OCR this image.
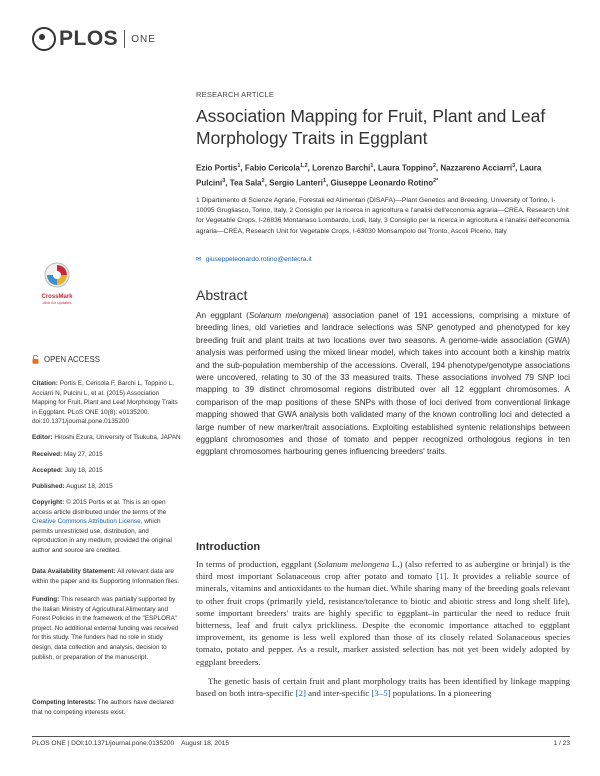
PLOS ONE
RESEARCH ARTICLE
Association Mapping for Fruit, Plant and Leaf Morphology Traits in Eggplant
Ezio Portis$^1$, Fabio Cericola$^{1,2}$, Lorenzo Barchi$^1$, Laura Toppino$^2$, Nazzareno Acciarri$^3$, Laura Pulcini$^3$, Tea Sala$^2$, Sergio Lanteri$^1$, Giuseppe Leonardo Rotino$^{2*}$
1 Dipartimento di Scienze Agrarie, Forestali ed Alimentari (DISAFA)—Plant Genetics and Breeding, University of Torino, I-10095 Grugliasco, Torino, Italy, 2 Consiglio per la ricerca in agricoltura e l'analisi dell'economia agraria—CREA, Research Unit for Vegetable Crops, I-26836 Montanaso Lombardo, Lodi, Italy, 3 Consiglio per la ricerca in agricoltura e l'analisi dell'economia agraria—CREA, Research Unit for Vegetable Crops, I-63030 Monsampolo del Tronto, Ascoli Piceno, Italy
✉ giuseppeleonardo.rotino@entecra.it
Abstract
An eggplant (Solanum melongena) association panel of 191 accessions, comprising a mixture of breeding lines, old varieties and landrace selections was SNP genotyped and phenotyped for key breeding fruit and plant traits at two locations over two seasons. A genome-wide association (GWA) analysis was performed using the mixed linear model, which takes into account both a kinship matrix and the sub-population membership of the accessions. Overall, 194 phenotype/genotype associations were uncovered, relating to 30 of the 33 measured traits. These associations involved 79 SNP loci mapping to 39 distinct chromosomal regions distributed over all 12 eggplant chromosomes. A comparison of the map positions of these SNPs with those of loci derived from conventional linkage mapping showed that GWA analysis both validated many of the known controlling loci and detected a large number of new marker/trait associations. Exploiting established syntenic relationships between eggplant chromosomes and those of tomato and pepper recognized orthologous regions in ten eggplant chromosomes harbouring genes influencing breeders' traits.
Introduction
In terms of production, eggplant (Solanum melongena L.) (also referred to as aubergine or brinjal) is the third most important Solanaceous crop after potato and tomato [1]. It provides a reliable source of minerals, vitamins and antioxidants to the human diet. While sharing many of the breeding goals relevant to other fruit crops (primarily yield, resistance/tolerance to biotic and abiotic stress and long shelf life), some important breeders' traits are highly specific to eggplant–in particular the need to reduce fruit bitterness, leaf and fruit calyx prickliness. Despite the economic importance attached to eggplant improvement, its genome is less well explored than those of its closely related Solanaceous species tomato, potato and pepper. As a result, marker assisted selection has not yet been widely adopted by eggplant breeders.
The genetic basis of certain fruit and plant morphology traits has been identified by linkage mapping based on both intra-specific [2] and inter-specific [3–5] populations. In a pioneering
CrossMark
click for updates
OPEN ACCESS
Citation: Portis E, Cericola F, Barchi L, Toppino L, Acciarri N, Pulcini L, et al. (2015) Association Mapping for Fruit, Plant and Leaf Morphology Traits in Eggplant. PLoS ONE 10(8): e0135200. doi:10.1371/journal.pone.0135200
Editor: Hiroshi Ezura, University of Tsukuba, JAPAN
Received: May 27, 2015
Accepted: July 18, 2015
Published: August 18, 2015
Copyright: © 2015 Portis et al. This is an open access article distributed under the terms of the Creative Commons Attribution License, which permits unrestricted use, distribution, and reproduction in any medium, provided the original author and source are credited.
Data Availability Statement: All relevant data are within the paper and its Supporting Information files.
Funding: This research was partially supported by the Italian Ministry of Agricultural Alimentary and Forest Policies in the framework of the "ESPLORA" project. No additional external funding was received for this study. The funders had no role in study design, data collection and analysis, decision to publish, or preparation of the manuscript.
Competing Interests: The authors have declared that no competing interests exist.
PLOS ONE | DOI:10.1371/journal.pone.0135200    August 18, 2015	1 / 23
